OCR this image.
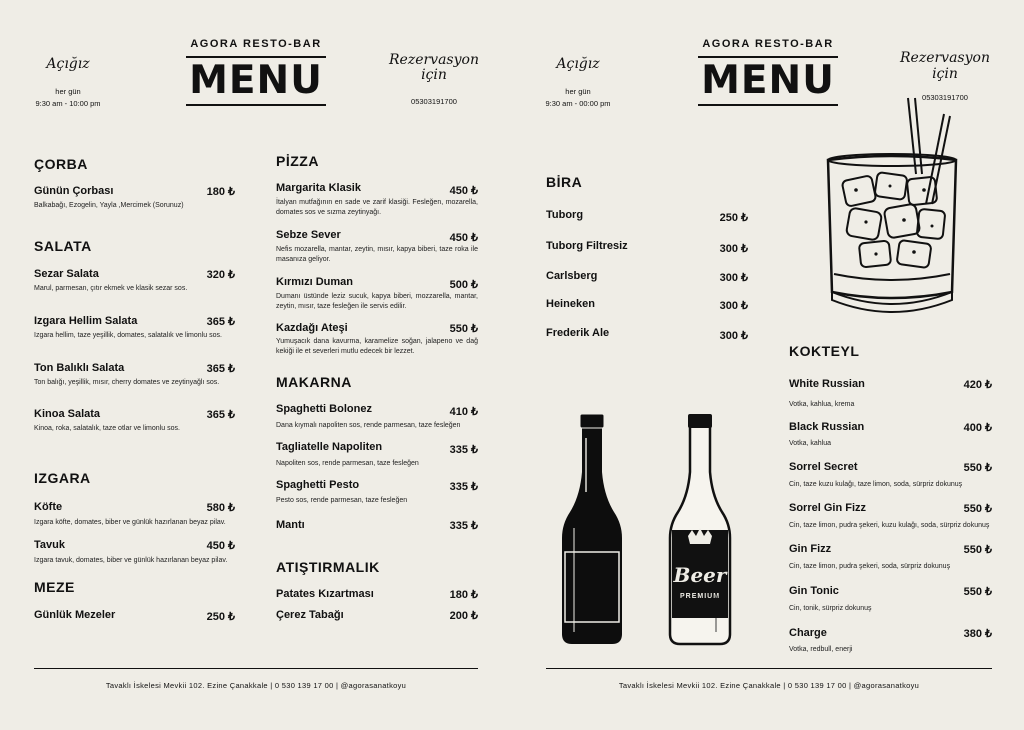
Açığız
her gün
9:30 am - 10:00 pm
AGORA RESTO-BAR
MENU	Rezervasyon
için
05303191700
ÇORBA
Günün Çorbası	180 ₺
Balkabağı, Ezogelin, Yayla ,Mercimek (Sorunuz)
SALATA
Sezar Salata	320 ₺
Marul, parmesan, çıtır ekmek ve klasik sezar sos.
Izgara Hellim Salata	365 ₺
Izgara hellim, taze yeşillik, domates, salatalık ve limonlu sos.
Ton Balıklı Salata	365 ₺
Ton balığı, yeşillik, mısır, cherry domates ve zeytinyağlı sos.
Kinoa Salata	365 ₺
Kinoa, roka, salatalık, taze otlar ve limonlu sos.
IZGARA
Köfte	580 ₺
Izgara köfte, domates, biber ve günlük hazırlanan beyaz pilav.
Tavuk	450 ₺
Izgara tavuk, domates, biber ve günlük hazırlanan beyaz pilav.
MEZE
Günlük Mezeler	250 ₺
PİZZA
Margarita Klasik	450 ₺
İtalyan mutfağının en sade ve zarif klasiği. Fesleğen, mozarella, domates sos ve sızma zeytinyağı.
Sebze Sever	450 ₺
Nefis mozarella, mantar, zeytin, mısır, kapya biberi, taze roka ile masanıza geliyor.
Kırmızı Duman	500 ₺
Dumanı üstünde leziz sucuk, kapya biberi, mozzarella, mantar, zeytin, mısır, taze fesleğen ile servis edilir.
Kazdağı Ateşi	550 ₺
Yumuşacık dana kavurma, karamelize soğan, jalapeno ve dağ kekiği ile et severleri mutlu edecek bir lezzet.
MAKARNA
Spaghetti Bolonez	410 ₺
Dana kıymalı napoliten sos, rende parmesan, taze fesleğen
Tagliatelle Napoliten	335 ₺
Napoliten sos, rende parmesan, taze fesleğen
Spaghetti Pesto	335 ₺
Pesto sos, rende parmesan, taze fesleğen
Mantı	335 ₺
ATIŞTIRMALIK
Patates Kızartması	180 ₺
Çerez Tabağı	200 ₺
Tavaklı İskelesi Mevkii 102. Ezine Çanakkale | 0 530 139 17 00 | @agorasanatkoyu
Açığız
her gün
9:30 am - 00:00 pm
AGORA RESTO-BAR
MENU	Rezervasyon
için
05303191700
BİRA
Tuborg	250 ₺
Tuborg Filtresiz	300 ₺
Carlsberg	300 ₺
Heineken	300 ₺
Frederik Ale	300 ₺
Beer
PREMIUM
KOKTEYL
White Russian	420 ₺
Votka, kahlua, krema
Black Russian	400 ₺
Votka, kahlua
Sorrel Secret	550 ₺
Cin, taze kuzu kulağı, taze limon, soda, sürpriz dokunuş
Sorrel Gin Fizz	550 ₺
Cin, taze limon, pudra şekeri, kuzu kulağı, soda, sürpriz dokunuş
Gin Fizz	550 ₺
Cin, taze limon, pudra şekeri, soda, sürpriz dokunuş
Gin Tonic	550 ₺
Cin, tonik, sürpriz dokunuş
Charge	380 ₺
Votka, redbull, enerji
Tavaklı İskelesi Mevkii 102. Ezine Çanakkale | 0 530 139 17 00 | @agorasanatkoyu
